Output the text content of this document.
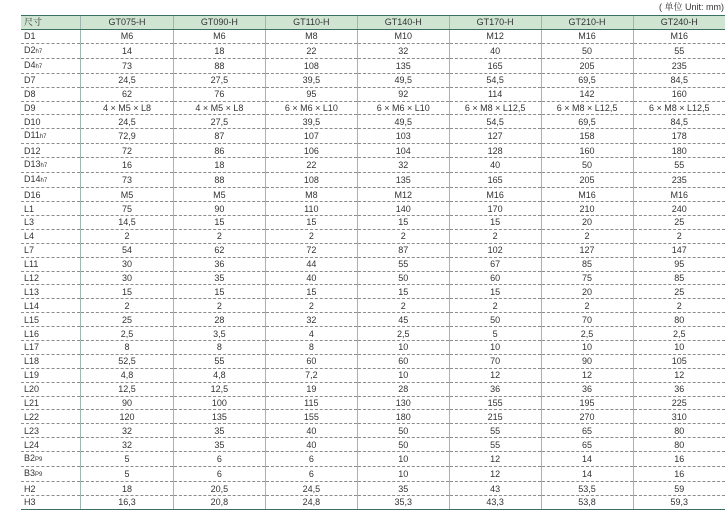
( 单位 Unit: mm)
尺寸	GT075-H	GT090-H	GT110-H	GT140-H	GT170-H	GT210-H	GT240-H
D1	M6	M6	M8	M10	M12	M16	M16
D2h7	14	18	22	32	40	50	55
D4h7	73	88	108	135	165	205	235
D7	24,5	27,5	39,5	49,5	54,5	69,5	84,5
D8	62	76	95	92	114	142	160
D9	4 × M5 × L8	4 × M5 × L8	6 × M6 × L10	6 × M6 × L10	6 × M8 × L12,5	6 × M8 × L12,5	6 × M8 × L12,5
D10	24,5	27,5	39,5	49,5	54,5	69,5	84,5
D11h7	72,9	87	107	103	127	158	178
D12	72	86	106	104	128	160	180
D13h7	16	18	22	32	40	50	55
D14h7	73	88	108	135	165	205	235
D16	M5	M5	M8	M12	M16	M16	M16
L1	75	90	110	140	170	210	240
L3	14,5	15	15	15	15	20	25
L4	2	2	2	2	2	2	2
L7	54	62	72	87	102	127	147
L11	30	36	44	55	67	85	95
L12	30	35	40	50	60	75	85
L13	15	15	15	15	15	20	25
L14	2	2	2	2	2	2	2
L15	25	28	32	45	50	70	80
L16	2,5	3,5	4	2,5	5	2,5	2,5
L17	8	8	8	10	10	10	10
L18	52,5	55	60	60	70	90	105
L19	4,8	4,8	7,2	10	12	12	12
L20	12,5	12,5	19	28	36	36	36
L21	90	100	115	130	155	195	225
L22	120	135	155	180	215	270	310
L23	32	35	40	50	55	65	80
L24	32	35	40	50	55	65	80
B2P9	5	6	6	10	12	14	16
B3P9	5	6	6	10	12	14	16
H2	18	20,5	24,5	35	43	53,5	59
H3	16,3	20,8	24,8	35,3	43,3	53,8	59,3
